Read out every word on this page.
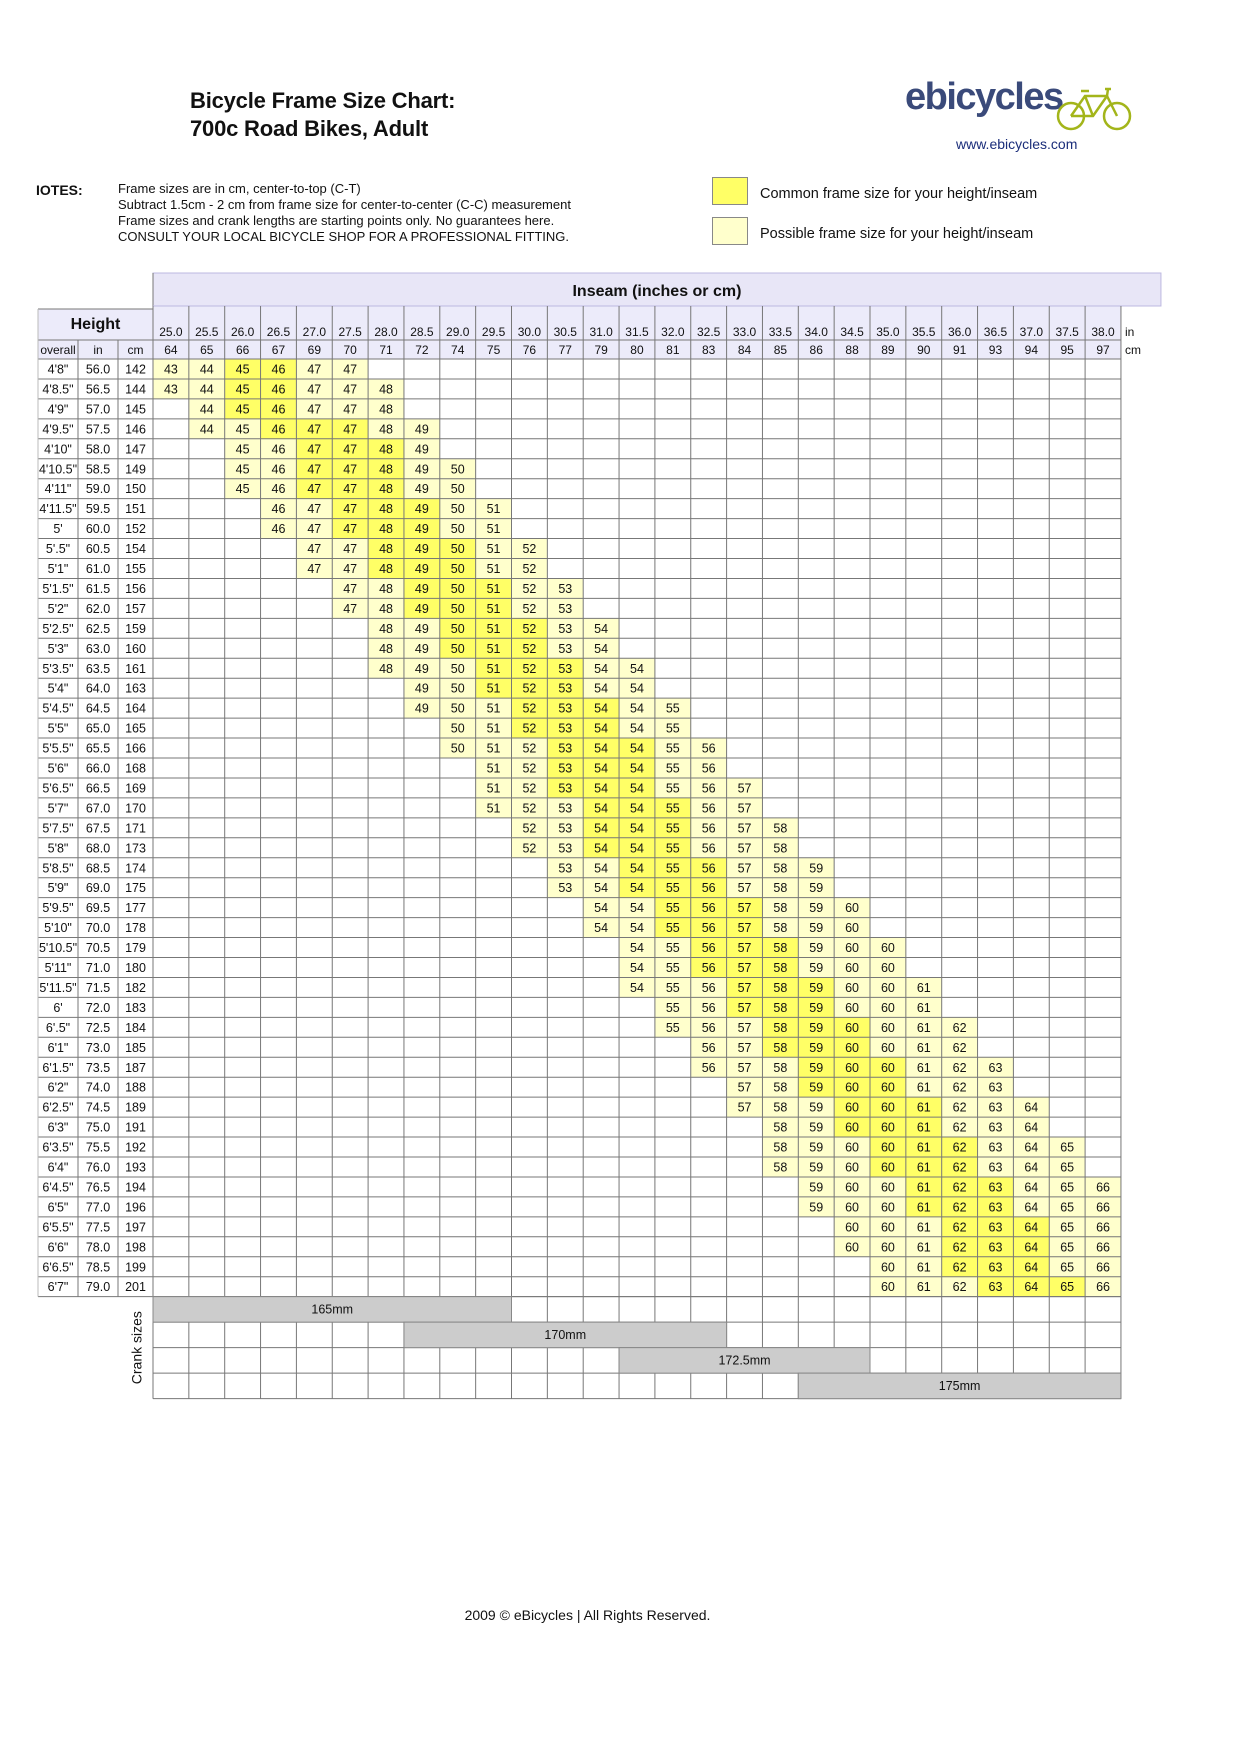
Bicycle Frame Size Chart:
700c Road Bikes, Adult
ebicycles
www.ebicycles.com
IOTES:	Frame sizes are in cm, center-to-top (C-T)
Subtract 1.5cm - 2 cm from frame size for center-to-center (C-C) measurement
Frame sizes and crank lengths are starting points only. No guarantees here.
CONSULT YOUR LOCAL BICYCLE SHOP FOR A PROFESSIONAL FITTING.
Common frame size for your height/inseam
Possible frame size for your height/inseam
Inseam (inches or cm)
Height
overall in cm
25.0
64
25.5
65
26.0
66
26.5
67
27.0
69
27.5
70
28.0
71
28.5
72
29.0
74
29.5
75
30.0
76
30.5
77
31.0
79
31.5
80
32.0
81
32.5
83
33.0
84
33.5
85
34.0
86
34.5
88
35.0
89
35.5
90
36.0
91
36.5
93
37.0
94
37.5
95
38.0
97
in
cm
43 44 45 46 47 47
4'8" 56.0 142
43 44 45 46 47 47 48
4'8.5" 56.5 144
44 45 46 47 47 48
4'9" 57.0 145
44 45 46 47 47 48 49
4'9.5" 57.5 146
45 46 47 47 48 49
4'10" 58.0 147
45 46 47 47 48 49 50
4'10.5" 58.5 149
45 46 47 47 48 49 50
4'11" 59.0 150
46 47 47 48 49 50 51
4'11.5" 59.5 151
46 47 47 48 49 50 51
5' 60.0 152
47 47 48 49 50 51 52
5'.5" 60.5 154
47 47 48 49 50 51 52
5'1" 61.0 155
47 48 49 50 51 52 53
5'1.5" 61.5 156
47 48 49 50 51 52 53
5'2" 62.0 157
48 49 50 51 52 53 54
5'2.5" 62.5 159
48 49 50 51 52 53 54
5'3" 63.0 160
48 49 50 51 52 53 54 54
5'3.5" 63.5 161
49 50 51 52 53 54 54
5'4" 64.0 163
49 50 51 52 53 54 54 55
5'4.5" 64.5 164
50 51 52 53 54 54 55
5'5" 65.0 165
50 51 52 53 54 54 55 56
5'5.5" 65.5 166
51 52 53 54 54 55 56
5'6" 66.0 168
51 52 53 54 54 55 56 57
5'6.5" 66.5 169
51 52 53 54 54 55 56 57
5'7" 67.0 170
52 53 54 54 55 56 57 58
5'7.5" 67.5 171
52 53 54 54 55 56 57 58
5'8" 68.0 173
53 54 54 55 56 57 58 59
5'8.5" 68.5 174
53 54 54 55 56 57 58 59
5'9" 69.0 175
54 54 55 56 57 58 59 60
5'9.5" 69.5 177
54 54 55 56 57 58 59 60
5'10" 70.0 178
54 55 56 57 58 59 60 60
5'10.5" 70.5 179
54 55 56 57 58 59 60 60
5'11" 71.0 180
54 55 56 57 58 59 60 60 61
5'11.5" 71.5 182
55 56 57 58 59 60 60 61
6' 72.0 183
55 56 57 58 59 60 60 61 62
6'.5" 72.5 184
56 57 58 59 60 60 61 62
6'1" 73.0 185
56 57 58 59 60 60 61 62 63
6'1.5" 73.5 187
57 58 59 60 60 61 62 63
6'2" 74.0 188
57 58 59 60 60 61 62 63 64
6'2.5" 74.5 189
58 59 60 60 61 62 63 64
6'3" 75.0 191
58 59 60 60 61 62 63 64 65
6'3.5" 75.5 192
58 59 60 60 61 62 63 64 65
6'4" 76.0 193
59 60 60 61 62 63 64 65 66
6'4.5" 76.5 194
59 60 60 61 62 63 64 65 66
6'5" 77.0 196
60 60 61 62 63 64 65 66
6'5.5" 77.5 197
60 60 61 62 63 64 65 66
6'6" 78.0 198
60 61 62 63 64 65 66
6'6.5" 78.5 199
60 61 62 63 64 65 66
6'7" 79.0 201
165mm
170mm
172.5mm
175mm
Crank sizes
2009 © eBicycles | All Rights Reserved.
